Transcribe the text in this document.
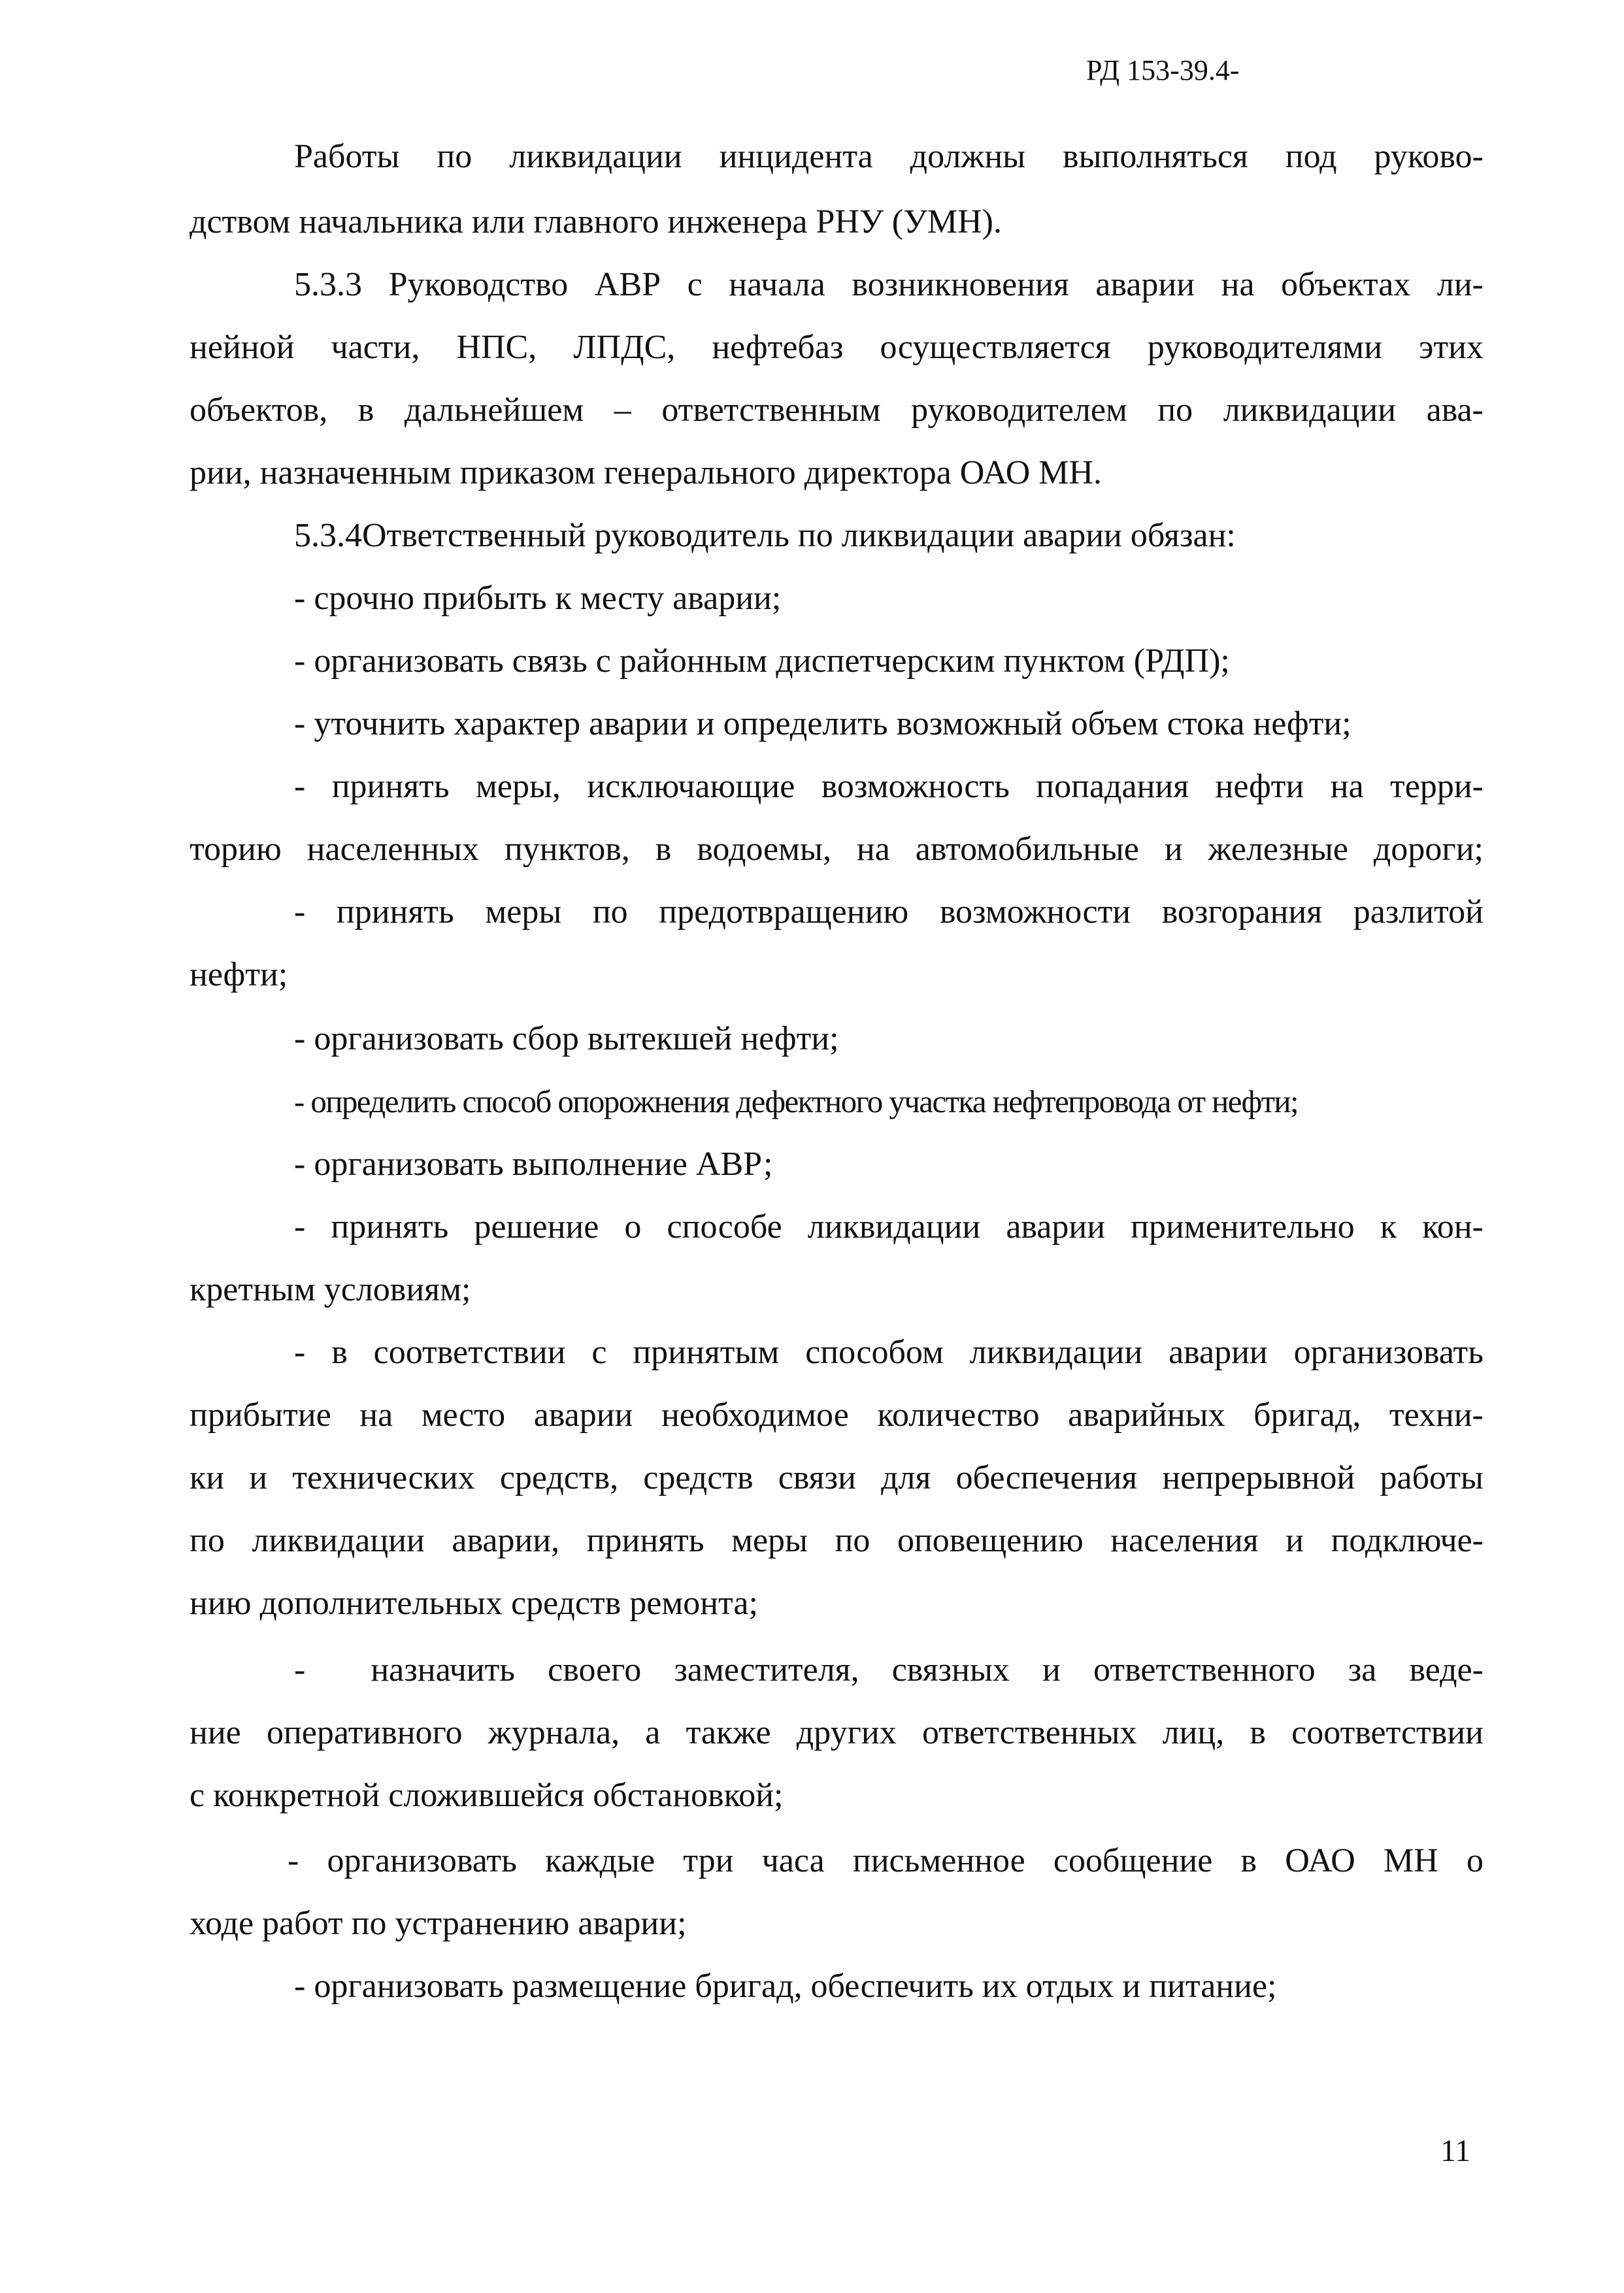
РД 153-39.4-
Работы по ликвидации инцидента должны выполняться под руково-
дством начальника или главного инженера РНУ (УМН).
5.3.3 Руководство АВР с начала возникновения аварии на объектах ли-
нейной части, НПС, ЛПДС, нефтебаз осуществляется руководителями этих
объектов, в дальнейшем – ответственным руководителем по ликвидации ава-
рии, назначенным приказом генерального директора ОАО МН.
5.3.4Ответственный руководитель по ликвидации аварии обязан:
- срочно прибыть к месту аварии;
- организовать связь с районным диспетчерским пунктом (РДП);
- уточнить характер аварии и определить возможный объем стока нефти;
- принять меры, исключающие возможность попадания нефти на терри-
торию населенных пунктов, в водоемы, на автомобильные и железные дороги;
- принять меры по предотвращению возможности возгорания разлитой
нефти;
- организовать сбор вытекшей нефти;
- определить способ опорожнения дефектного участка нефтепровода от нефти;
- организовать выполнение АВР;
- принять решение о способе ликвидации аварии применительно к кон-
кретным условиям;
- в соответствии с принятым способом ликвидации аварии организовать
прибытие на место аварии необходимое количество аварийных бригад, техни-
ки и технических средств, средств связи для обеспечения непрерывной работы
по ликвидации аварии, принять меры по оповещению населения и подключе-
нию дополнительных средств ремонта;
- назначить своего заместителя, связных и ответственного за веде-
ние оперативного журнала, а также других ответственных лиц, в соответствии
с конкретной сложившейся обстановкой;
- организовать каждые три часа письменное сообщение в ОАО МН о
ходе работ по устранению аварии;
- организовать размещение бригад, обеспечить их отдых и питание;
11
